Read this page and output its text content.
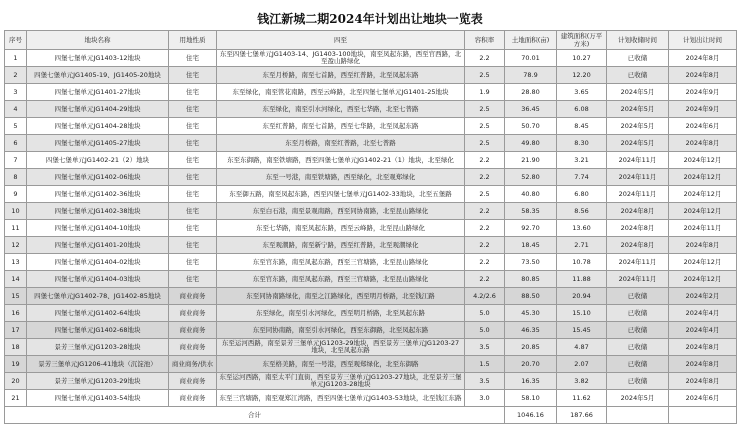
钱江新城二期2024年计划出让地块一览表
序号	地块名称	用地性质	四至	容积率	土地面积(亩)	建筑面积(万平方米)	计划收储时间	计划出让时间
1	四堡七堡单元JG1403-12地块	住宅	东至四堡七堡单元JG1403-14、JG1403-100地块，南至凤起东路，西至官西路，北至盈山路绿化	2.2	70.01	10.27	已收储	2024年8月
2	四堡七堡单元JG1405-19、JG1405-20地块	住宅	东至月桥路，南至七首路，西至红普路，北至凤起东路	2.5	78.9	12.20	已收储	2024年8月
3	四堡七堡单元JG1401-27地块	住宅	东至绿化，南至管花南路，西至云峰路，北至四堡七堡单元JG1401-25地块	1.9	28.80	3.65	2024年5月	2024年9月
4	四堡七堡单元JG1404-29地块	住宅	东至绿化，南至引水河绿化，西至七华路，北至七普路	2.5	36.45	6.08	2024年5月	2024年9月
5	四堡七堡单元JG1404-28地块	住宅	东至红普路，南至七首路，西至七华路，北至凤起东路	2.5	50.70	8.45	2024年5月	2024年6月
6	四堡七堡单元JG1405-27地块	住宅	东至月桥路，南至红普路，北至七普路	2.5	49.80	8.30	2024年5月	2024年8月
7	四堡七堡单元JG1402-21（2）地块	住宅	东至东御路，南至铁塘路，西至四堡七堡单元JG1402-21（1）地块，北至绿化	2.2	21.90	3.21	2024年11月	2024年12月
8	四堡七堡单元JG1402-06地块	住宅	东至一号港，南至铁塘路，西至绿化，北至观郑绿化	2.2	52.80	7.74	2024年11月	2024年12月
9	四堡七堡单元JG1402-36地块	住宅	东至御五路，南至凤起东路，西至四堡七堡单元JG1402-33地块，北至五堡路	2.5	40.80	6.80	2024年11月	2024年12月
10	四堡七堡单元JG1402-38地块	住宅	东至白石港，南至景观南路，西至同协南路，北至昆山路绿化	2.2	58.35	8.56	2024年8月	2024年12月
11	四堡七堡单元JG1404-10地块	住宅	东至七华路，南至凤起东路，西至云峰路，北至昆山路绿化	2.2	92.70	13.60	2024年8月	2024年11月
12	四堡七堡单元JG1401-20地块	住宅	东至观潮路，南至新宁路，西至红普路，北至观潮绿化	2.2	18.45	2.71	2024年8月	2024年8月
13	四堡七堡单元JG1404-02地块	住宅	东至官东路，南至凤起东路，西至三官塘路，北至昆山路绿化	2.2	73.50	10.78	2024年11月	2024年12月
14	四堡七堡单元JG1404-03地块	住宅	东至官东路，南至凤起东路，西至三官塘路，北至昆山路绿化	2.2	80.85	11.88	2024年11月	2024年12月
15	四堡七堡单元JG1402-78、JG1402-85地块	商业商务	东至同协南路绿化，南至之江路绿化，西至明月桥路，北至钱江路	4.2/2.6	88.50	20.94	已收储	2024年2月
16	四堡七堡单元JG1402-64地块	商业商务	东至绿化，南至引水河绿化，西至明月桥路，北至凤起东路	5.0	45.30	15.10	已收储	2024年4月
17	四堡七堡单元JG1402-68地块	商业商务	东至同协南路，南至引水河绿化，西至东御路，北至凤起东路	5.0	46.35	15.45	已收储	2024年4月
18	景芳三堡单元JG1203-28地块	商业商务	东至运河西路，南至景芳三堡单元JG1203-29地块，西至景芳三堡单元JG1203-27地块，北至凤起东路	3.5	20.85	4.87	已收储	2024年8月
19	景芳三堡单元JG1206-41地块（沉淀池）	商业商务/供水	东至格美路，南至一号港，西至观郑绿化，北至东御路	1.5	20.70	2.07	已收储	2024年8月
20	景芳三堡单元JG1203-29地块	商业商务	东至运河西路，南至太平门直街，西至景芳三堡单元JG1203-27地块，北至景芳三堡单元JG1203-28地块	3.5	16.35	3.82	已收储	2024年8月
21	四堡七堡单元JG1403-54地块	商业商务	东至三官塘路，南至观郑江湾路，西至四堡七堡单元JG1403-53地块，北至钱江东路	3.0	58.10	11.62	2024年5月	2024年6月
合计					1046.16	187.66		
